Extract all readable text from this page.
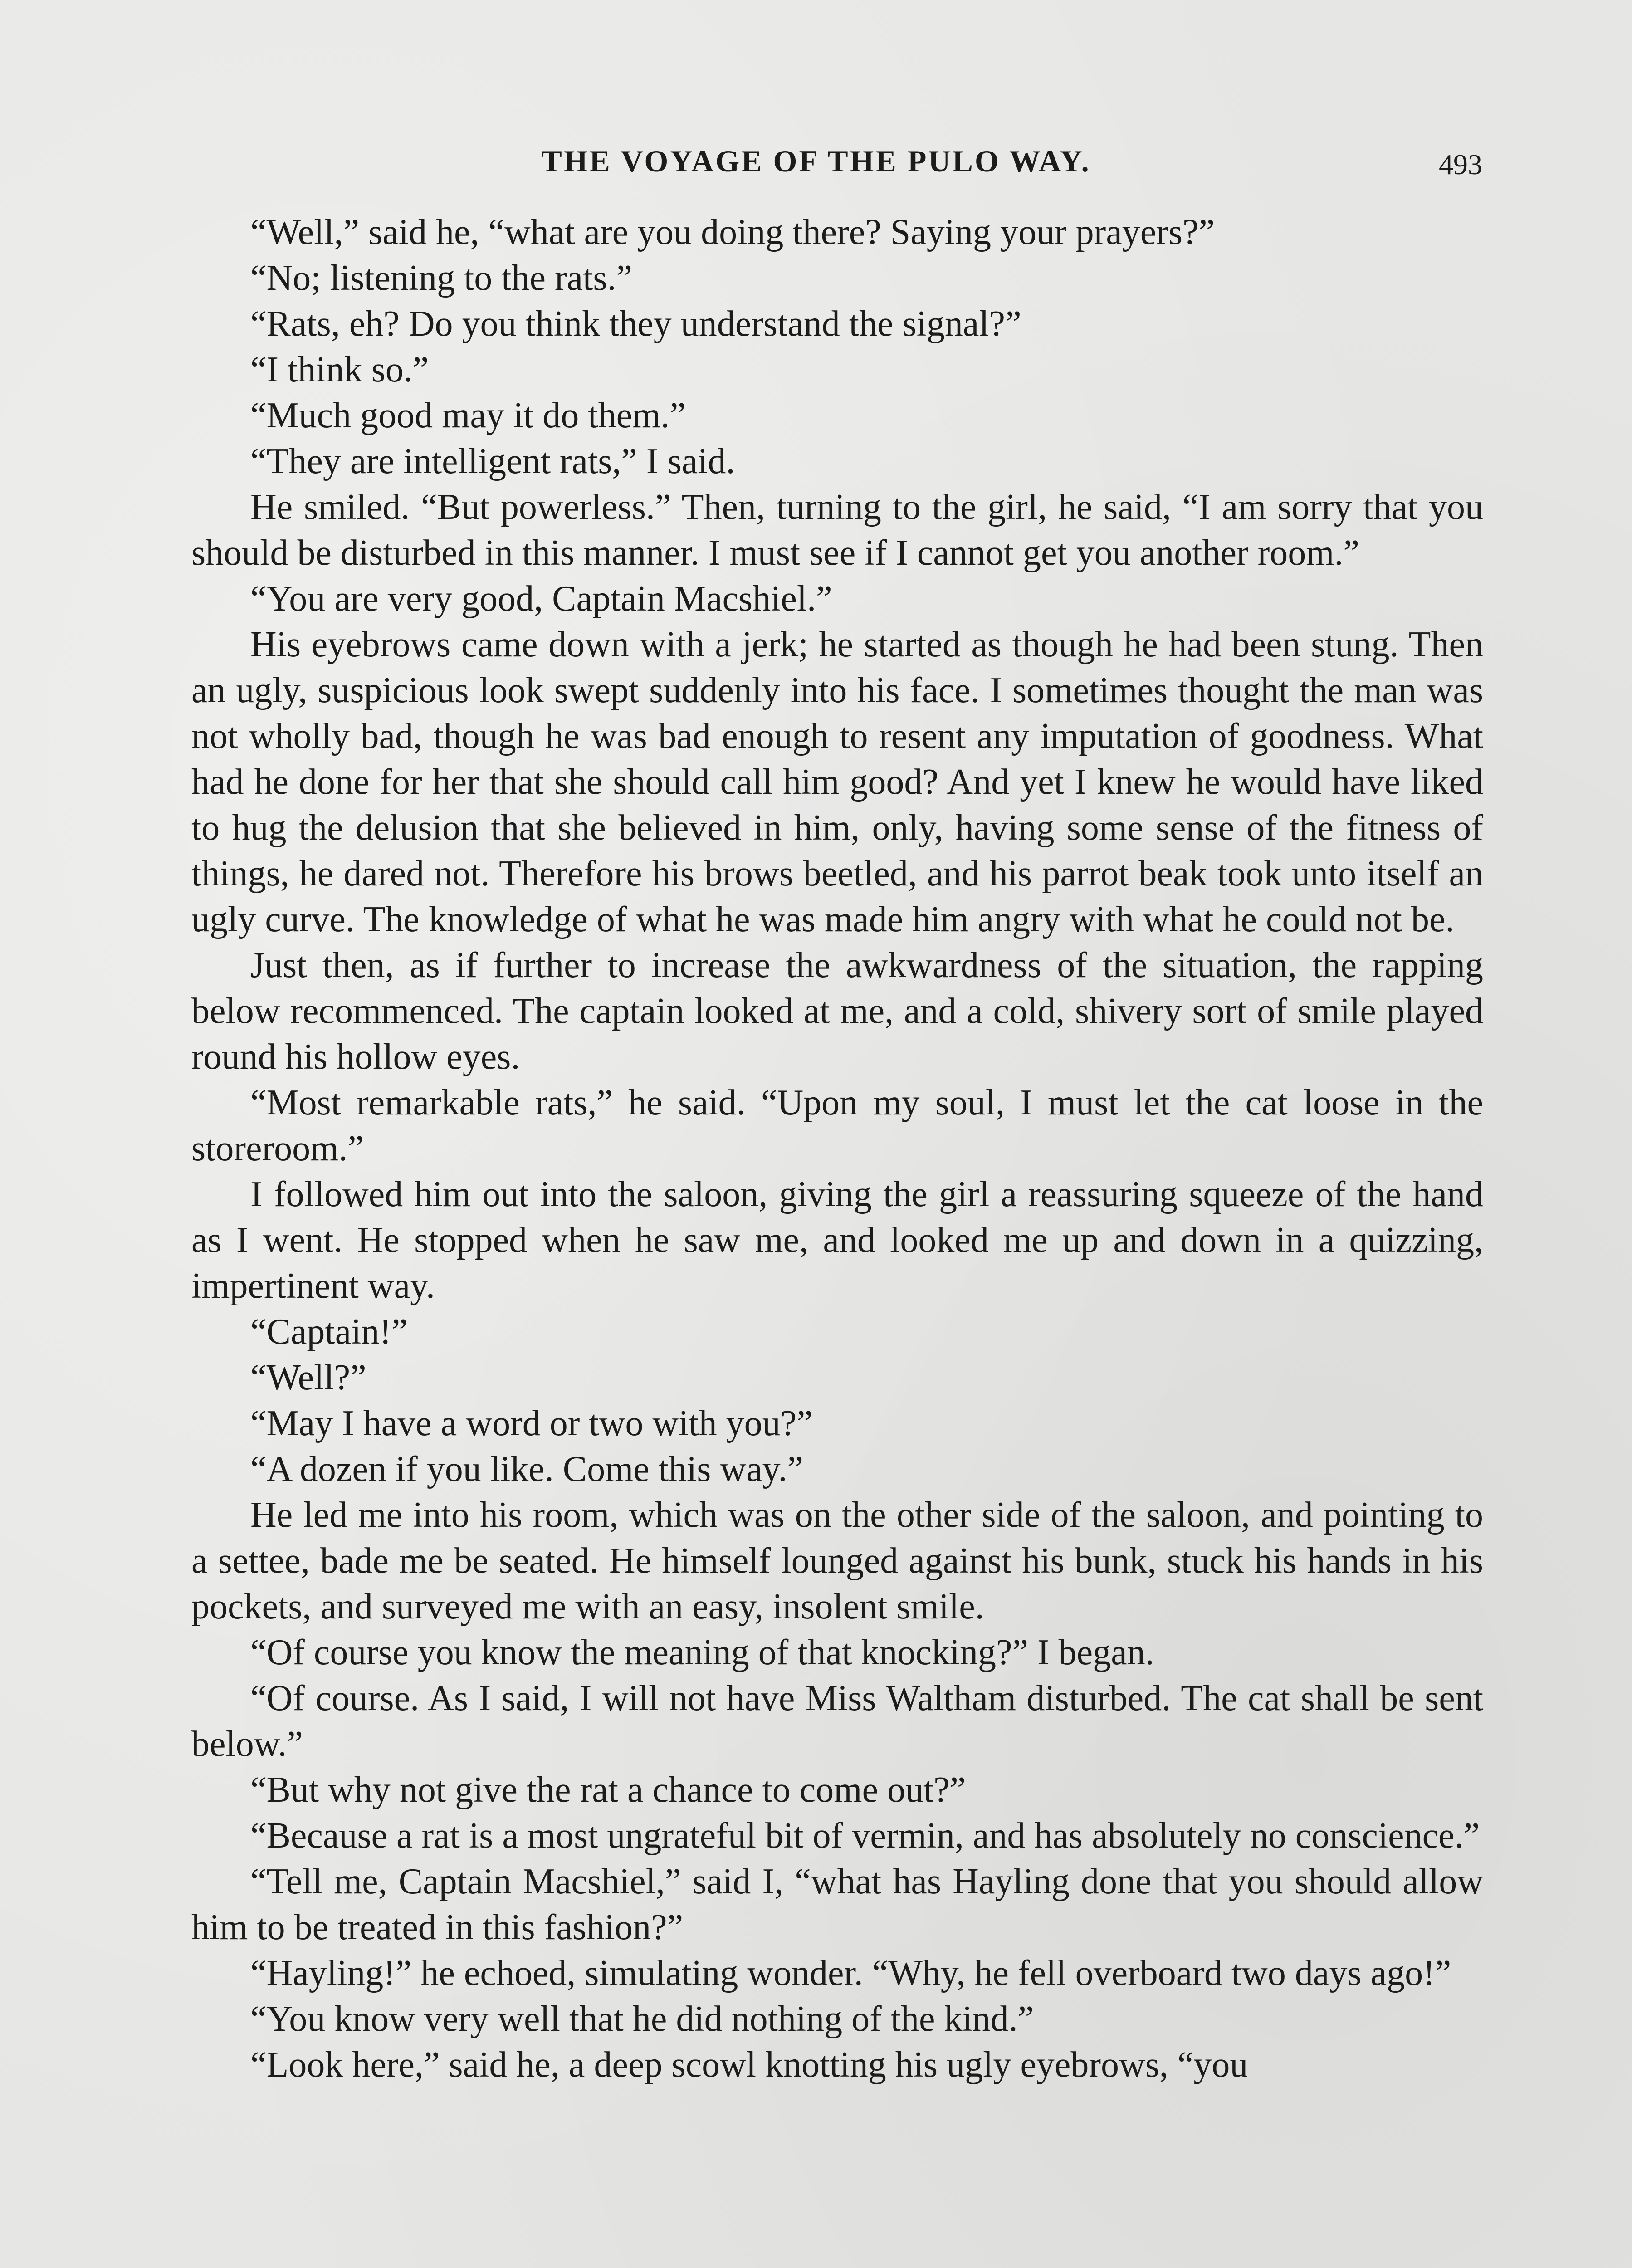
THE VOYAGE OF THE PULO WAY.	493

“Well,” said he, “what are you doing there? Saying your prayers?”

“No; listening to the rats.”

“Rats, eh? Do you think they understand the signal?”

“I think so.”

“Much good may it do them.”

“They are intelligent rats,” I said.

He smiled. “But powerless.” Then, turning to the girl, he said, “I am sorry that you should be disturbed in this manner. I must see if I cannot get you another room.”

“You are very good, Captain Macshiel.”

His eyebrows came down with a jerk; he started as though he had been stung. Then an ugly, suspicious look swept suddenly into his face. I sometimes thought the man was not wholly bad, though he was bad enough to resent any imputation of goodness. What had he done for her that she should call him good? And yet I knew he would have liked to hug the delusion that she believed in him, only, having some sense of the fitness of things, he dared not. Therefore his brows beetled, and his parrot beak took unto itself an ugly curve. The knowledge of what he was made him angry with what he could not be.

Just then, as if further to increase the awkwardness of the situation, the rapping below recommenced. The captain looked at me, and a cold, shivery sort of smile played round his hollow eyes.

“Most remarkable rats,” he said. “Upon my soul, I must let the cat loose in the storeroom.”

I followed him out into the saloon, giving the girl a reassuring squeeze of the hand as I went. He stopped when he saw me, and looked me up and down in a quizzing, impertinent way.

“Captain!”

“Well?”

“May I have a word or two with you?”

“A dozen if you like. Come this way.”

He led me into his room, which was on the other side of the saloon, and pointing to a settee, bade me be seated. He himself lounged against his bunk, stuck his hands in his pockets, and surveyed me with an easy, insolent smile.

“Of course you know the meaning of that knocking?” I began.

“Of course. As I said, I will not have Miss Waltham disturbed. The cat shall be sent below.”

“But why not give the rat a chance to come out?”

“Because a rat is a most ungrateful bit of vermin, and has absolutely no conscience.”

“Tell me, Captain Macshiel,” said I, “what has Hayling done that you should allow him to be treated in this fashion?”

“Hayling!” he echoed, simulating wonder. “Why, he fell overboard two days ago!”

“You know very well that he did nothing of the kind.”

“Look here,” said he, a deep scowl knotting his ugly eyebrows, “you
